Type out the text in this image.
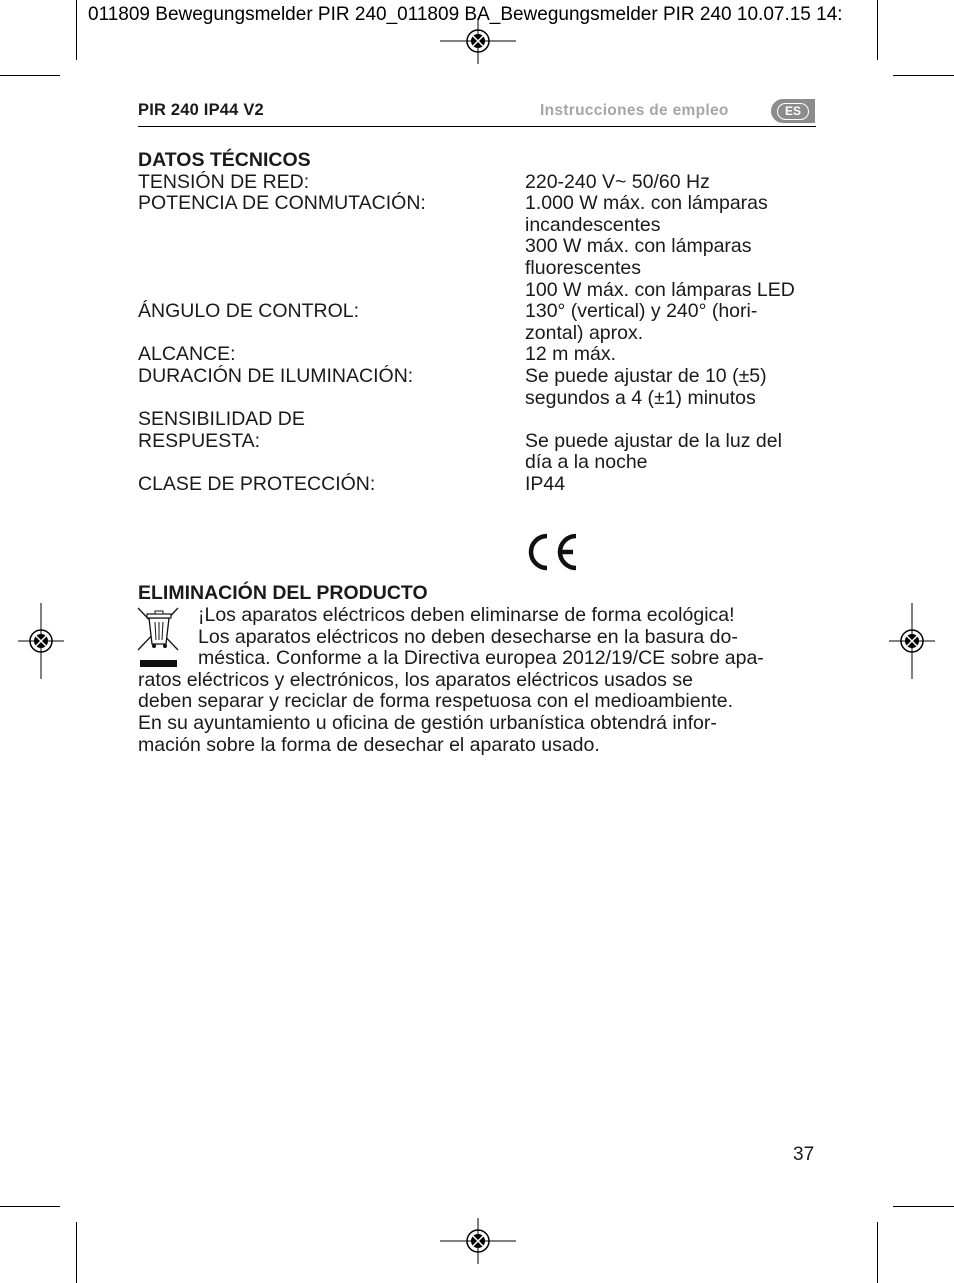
011809 Bewegungsmelder PIR 240_011809 BA_Bewegungsmelder PIR 240 10.07.15 14:
PIR 240 IP44 V2	Instrucciones de empleo	ES
DATOS TÉCNICOS
TENSIÓN DE RED:	220-240 V~ 50/60 Hz
POTENCIA DE CONMUTACIÓN:	1.000 W máx. con lámparas
incandescentes
300 W máx. con lámparas
fluorescentes
100 W máx. con lámparas LED
ÁNGULO DE CONTROL:	130° (vertical) y 240° (hori-
zontal) aprox.
ALCANCE:	12 m máx.
DURACIÓN DE ILUMINACIÓN:	Se puede ajustar de 10 (±5)
segundos a 4 (±1) minutos
SENSIBILIDAD DE
RESPUESTA:	Se puede ajustar de la luz del
día a la noche
CLASE DE PROTECCIÓN:	IP44
ELIMINACIÓN DEL PRODUCTO
¡Los aparatos eléctricos deben eliminarse de forma ecológica!
Los aparatos eléctricos no deben desecharse en la basura do-
méstica. Conforme a la Directiva europea 2012/19/CE sobre apa-
ratos eléctricos y electrónicos, los aparatos eléctricos usados se
deben separar y reciclar de forma respetuosa con el medioambiente.
En su ayuntamiento u oficina de gestión urbanística obtendrá infor-
mación sobre la forma de desechar el aparato usado.
37
